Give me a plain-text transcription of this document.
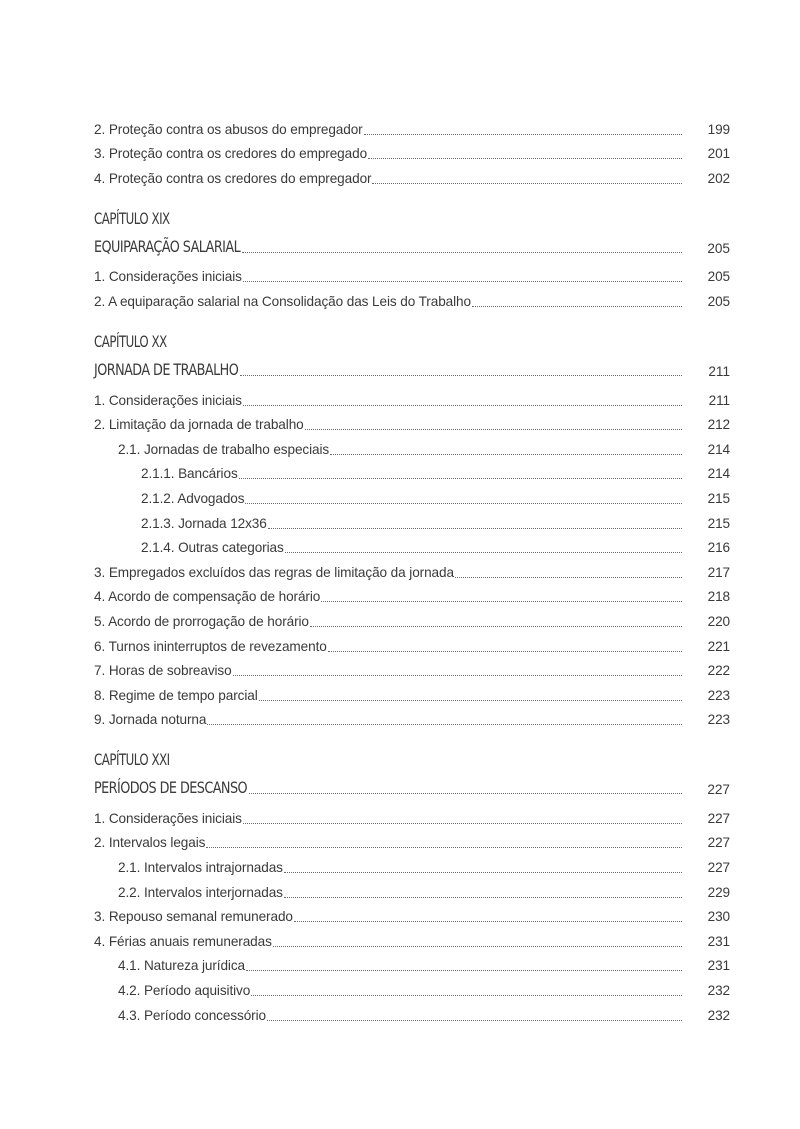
2. Proteção contra os abusos do empregador	199
3. Proteção contra os credores do empregado	201
4. Proteção contra os credores do empregador	202
CAPÍTULO XIX
EQUIPARAÇÃO SALARIAL	205
1. Considerações iniciais	205
2. A equiparação salarial na Consolidação das Leis do Trabalho	205
CAPÍTULO XX
JORNADA DE TRABALHO	211
1. Considerações iniciais	211
2. Limitação da jornada de trabalho	212
2.1. Jornadas de trabalho especiais	214
2.1.1. Bancários	214
2.1.2. Advogados	215
2.1.3. Jornada 12x36	215
2.1.4. Outras categorias	216
3. Empregados excluídos das regras de limitação da jornada	217
4. Acordo de compensação de horário	218
5. Acordo de prorrogação de horário	220
6. Turnos ininterruptos de revezamento	221
7. Horas de sobreaviso	222
8. Regime de tempo parcial	223
9. Jornada noturna	223
CAPÍTULO XXI
PERÍODOS DE DESCANSO	227
1. Considerações iniciais	227
2. Intervalos legais	227
2.1. Intervalos intrajornadas	227
2.2. Intervalos interjornadas	229
3. Repouso semanal remunerado	230
4. Férias anuais remuneradas	231
4.1. Natureza jurídica	231
4.2. Período aquisitivo	232
4.3. Período concessório	232
